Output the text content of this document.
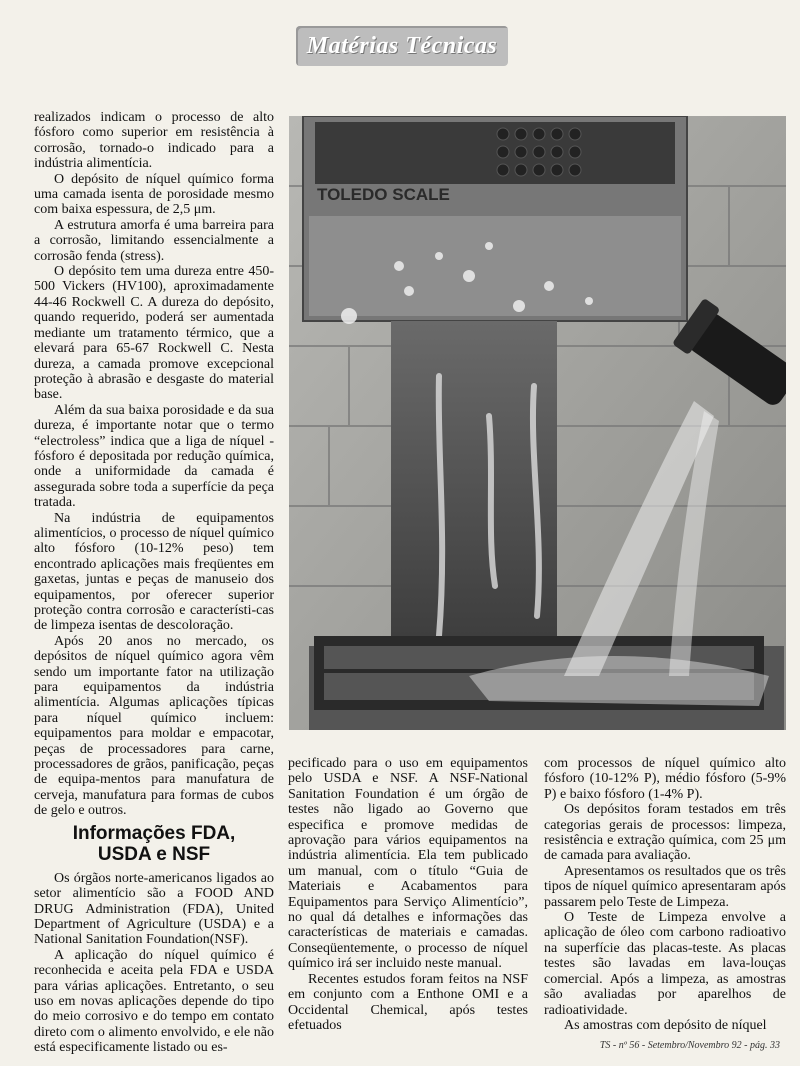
Matérias Técnicas

realizados indicam o processo de alto fósforo como superior em resistência à corrosão, tornado-o indicado para a indústria alimentícia.

O depósito de níquel químico forma uma camada isenta de porosidade mesmo com baixa espessura, de 2,5 μm.

A estrutura amorfa é uma barreira para a corrosão, limitando essencialmente a corrosão fenda (stress).

O depósito tem uma dureza entre 450-500 Vickers (HV100), aproximadamente 44-46 Rockwell C. A dureza do depósito, quando requerido, poderá ser aumentada mediante um tratamento térmico, que a elevará para 65-67 Rockwell C. Nesta dureza, a camada promove excepcional proteção à abrasão e desgaste do material base.

Além da sua baixa porosidade e da sua dureza, é importante notar que o termo “electroless” indica que a liga de níquel -fósforo é depositada por redução química, onde a uniformidade da camada é assegurada sobre toda a superfície da peça tratada.

Na indústria de equipamentos alimentícios, o processo de níquel químico alto fósforo (10-12% peso) tem encontrado aplicações mais freqüentes em gaxetas, juntas e peças de manuseio dos equipamentos, por oferecer superior proteção contra corrosão e característi-cas de limpeza isentas de descoloração.

Após 20 anos no mercado, os depósitos de níquel químico agora vêm sendo um importante fator na utilização para equipamentos da indústria alimentícia. Algumas aplicações típicas para níquel químico incluem: equipamentos para moldar e empacotar, peças de processadores para carne, processadores de grãos, panificação, peças de equipa-mentos para manufatura de cerveja, manufatura para formas de cubos de gelo e outros.

Informações FDA,
USDA e NSF

Os órgãos norte-americanos ligados ao setor alimentício são a FOOD AND DRUG Administration (FDA), United Department of Agriculture (USDA) e a National Sanitation Foundation(NSF).

A aplicação do níquel químico é reconhecida e aceita pela FDA e USDA para várias aplicações. Entretanto, o seu uso em novas aplicações depende do tipo do meio corrosivo e do tempo em contato direto com o alimento envolvido, e ele não está especificamente listado ou es-

TOLEDO SCALE

pecificado para o uso em equipamentos pelo USDA e NSF. A NSF-National Sanitation Foundation é um órgão de testes não ligado ao Governo que especifica e promove medidas de aprovação para vários equipamentos na indústria alimentícia. Ela tem publicado um manual, com o título “Guia de Materiais e Acabamentos para Equipamentos para Serviço Alimentício”, no qual dá detalhes e informações das características de materiais e camadas. Conseqüentemente, o processo de níquel químico irá ser incluido neste manual.

Recentes estudos foram feitos na NSF em conjunto com a Enthone OMI e a Occidental Chemical, após testes efetuados

com processos de níquel químico alto fósforo (10-12% P), médio fósforo (5-9% P) e baixo fósforo (1-4% P).

Os depósitos foram testados em três categorias gerais de processos: limpeza, resistência e extração química, com 25 μm de camada para avaliação.

Apresentamos os resultados que os três tipos de níquel químico apresentaram após passarem pelo Teste de Limpeza.

O Teste de Limpeza envolve a aplicação de óleo com carbono radioativo na superfície das placas-teste. As placas testes são lavadas em lava-louças comercial. Após a limpeza, as amostras são avaliadas por aparelhos de radioatividade.

As amostras com depósito de níquel

TS - nº 56 - Setembro/Novembro 92 - pág. 33
